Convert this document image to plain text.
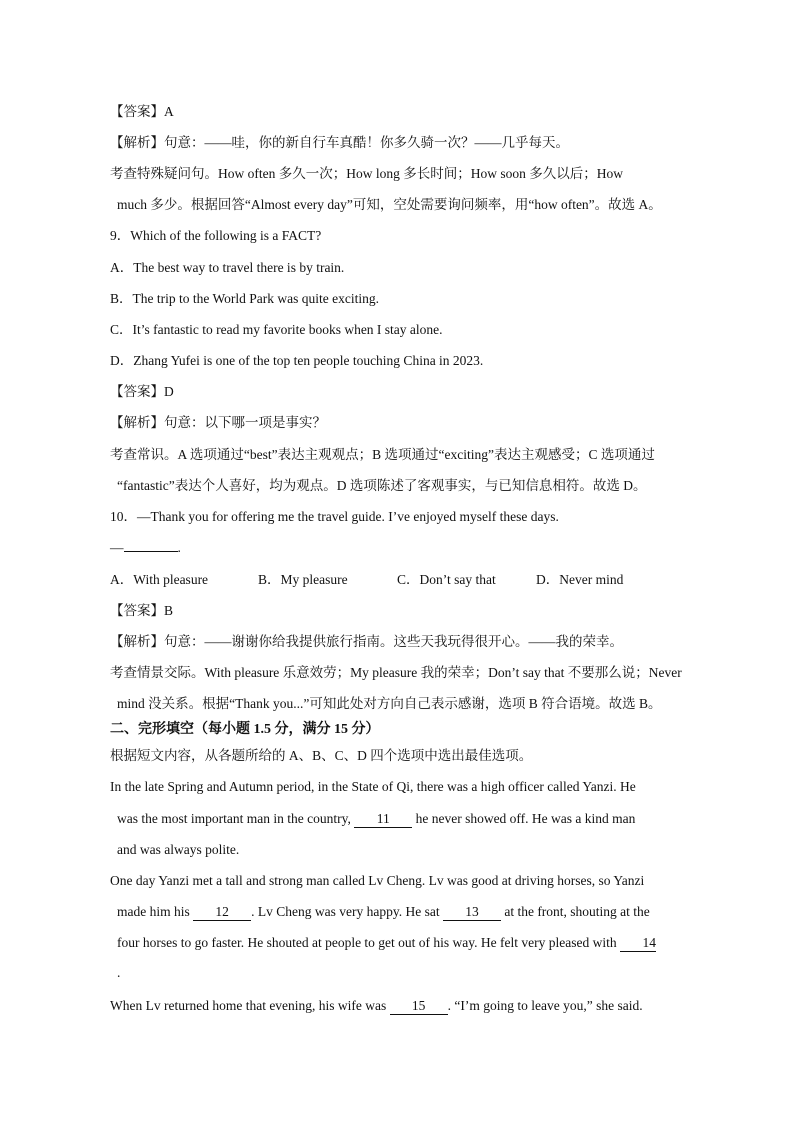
【答案】A
【解析】句意：——哇，你的新自行车真酷！你多久骑一次？——几乎每天。
考查特殊疑问句。How often 多久一次；How long 多长时间；How soon 多久以后；How
much 多少。根据回答“Almost every day”可知，空处需要询问频率，用“how often”。故选 A。
9．Which of the following is a FACT?
A．The best way to travel there is by train.
B．The trip to the World Park was quite exciting.
C．It’s fantastic to read my favorite books when I stay alone.
D．Zhang Yufei is one of the top ten people touching China in 2023.
【答案】D
【解析】句意：以下哪一项是事实？
考查常识。A 选项通过“best”表达主观观点；B 选项通过“exciting”表达主观感受；C 选项通过
“fantastic”表达个人喜好，均为观点。D 选项陈述了客观事实，与已知信息相符。故选 D。
10．—Thank you for offering me the travel guide. I’ve enjoyed myself these days.
—	.
A．With pleasure	B．My pleasure	C．Don’t say that	D．Never mind
【答案】B
【解析】句意：——谢谢你给我提供旅行指南。这些天我玩得很开心。——我的荣幸。
考查情景交际。With pleasure 乐意效劳；My pleasure 我的荣幸；Don’t say that 不要那么说；Never
mind 没关系。根据“Thank you...”可知此处对方向自己表示感谢，选项 B 符合语境。故选 B。
二、完形填空（每小题 1.5 分，满分 15 分）
根据短文内容，从各题所给的 A、B、C、D 四个选项中选出最佳选项。
In the late Spring and Autumn period, in the State of Qi, there was a high officer called Yanzi. He
was the most important man in the country, 11 he never showed off. He was a kind man
and was always polite.
One day Yanzi met a tall and strong man called Lv Cheng. Lv was good at driving horses, so Yanzi
made him his 12 . Lv Cheng was very happy. He sat 13 at the front, shouting at the
four horses to go faster. He shouted at people to get out of his way. He felt very pleased with 14
.
When Lv returned home that evening, his wife was 15 . “I’m going to leave you,” she said.
